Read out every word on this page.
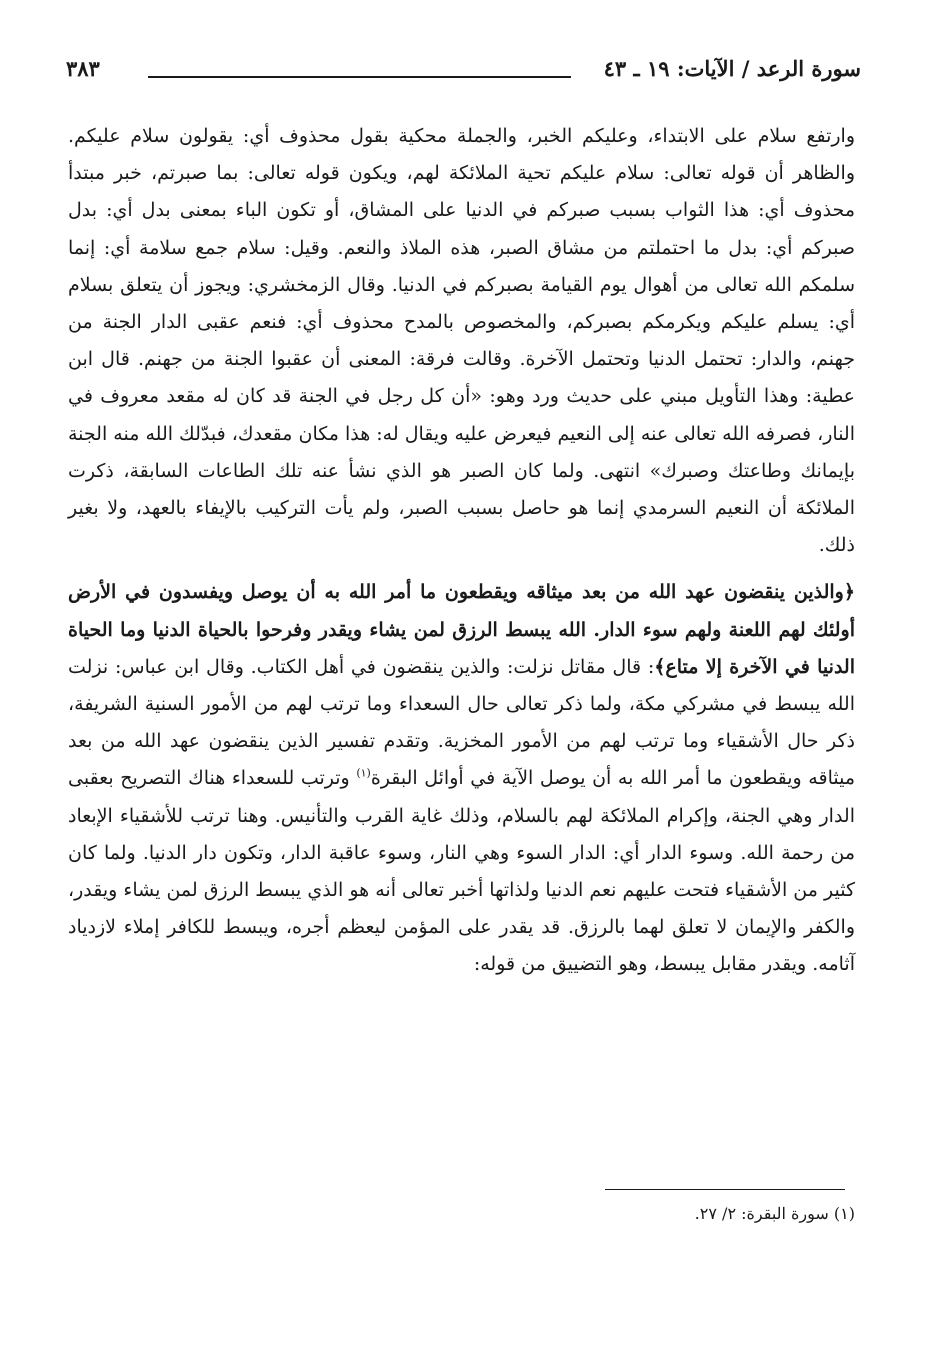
سورة الرعد / الآيات: ١٩ ـ ٤٣
٣٨٣

وارتفع سلام على الابتداء، وعليكم الخبر، والجملة محكية بقول محذوف أي: يقولون سلام عليكم. والظاهر أن قوله تعالى: سلام عليكم تحية الملائكة لهم، ويكون قوله تعالى: بما صبرتم، خبر مبتدأ محذوف أي: هذا الثواب بسبب صبركم في الدنيا على المشاق، أو تكون الباء بمعنى بدل أي: بدل صبركم أي: بدل ما احتملتم من مشاق الصبر، هذه الملاذ والنعم. وقيل: سلام جمع سلامة أي: إنما سلمكم الله تعالى من أهوال يوم القيامة بصبركم في الدنيا. وقال الزمخشري: ويجوز أن يتعلق بسلام أي: يسلم عليكم ويكرمكم بصبركم، والمخصوص بالمدح محذوف أي: فنعم عقبى الدار الجنة من جهنم، والدار: تحتمل الدنيا وتحتمل الآخرة. وقالت فرقة: المعنى أن عقبوا الجنة من جهنم. قال ابن عطية: وهذا التأويل مبني على حديث ورد وهو: «أن كل رجل في الجنة قد كان له مقعد معروف في النار، فصرفه الله تعالى عنه إلى النعيم فيعرض عليه ويقال له: هذا مكان مقعدك، فبدّلك الله منه الجنة بإيمانك وطاعتك وصبرك» انتهى. ولما كان الصبر هو الذي نشأ عنه تلك الطاعات السابقة، ذكرت الملائكة أن النعيم السرمدي إنما هو حاصل بسبب الصبر، ولم يأت التركيب بالإيفاء بالعهد، ولا بغير ذلك.

﴿والذين ينقضون عهد الله من بعد ميثاقه ويقطعون ما أمر الله به أن يوصل ويفسدون في الأرض أولئك لهم اللعنة ولهم سوء الدار. الله يبسط الرزق لمن يشاء ويقدر وفرحوا بالحياة الدنيا وما الحياة الدنيا في الآخرة إلا متاع﴾: قال مقاتل نزلت: والذين ينقضون في أهل الكتاب. وقال ابن عباس: نزلت الله يبسط في مشركي مكة، ولما ذكر تعالى حال السعداء وما ترتب لهم من الأمور السنية الشريفة، ذكر حال الأشقياء وما ترتب لهم من الأمور المخزية. وتقدم تفسير الذين ينقضون عهد الله من بعد ميثاقه ويقطعون ما أمر الله به أن يوصل الآية في أوائل البقرة$^{(١)}$ وترتب للسعداء هناك التصريح بعقبى الدار وهي الجنة، وإكرام الملائكة لهم بالسلام، وذلك غاية القرب والتأنيس. وهنا ترتب للأشقياء الإبعاد من رحمة الله. وسوء الدار أي: الدار السوء وهي النار، وسوء عاقبة الدار، وتكون دار الدنيا. ولما كان كثير من الأشقياء فتحت عليهم نعم الدنيا ولذاتها أخبر تعالى أنه هو الذي يبسط الرزق لمن يشاء ويقدر، والكفر والإيمان لا تعلق لهما بالرزق. قد يقدر على المؤمن ليعظم أجره، ويبسط للكافر إملاء لازدياد آثامه. ويقدر مقابل يبسط، وهو التضييق من قوله:

(١) سورة البقرة: ٢/ ٢٧.
